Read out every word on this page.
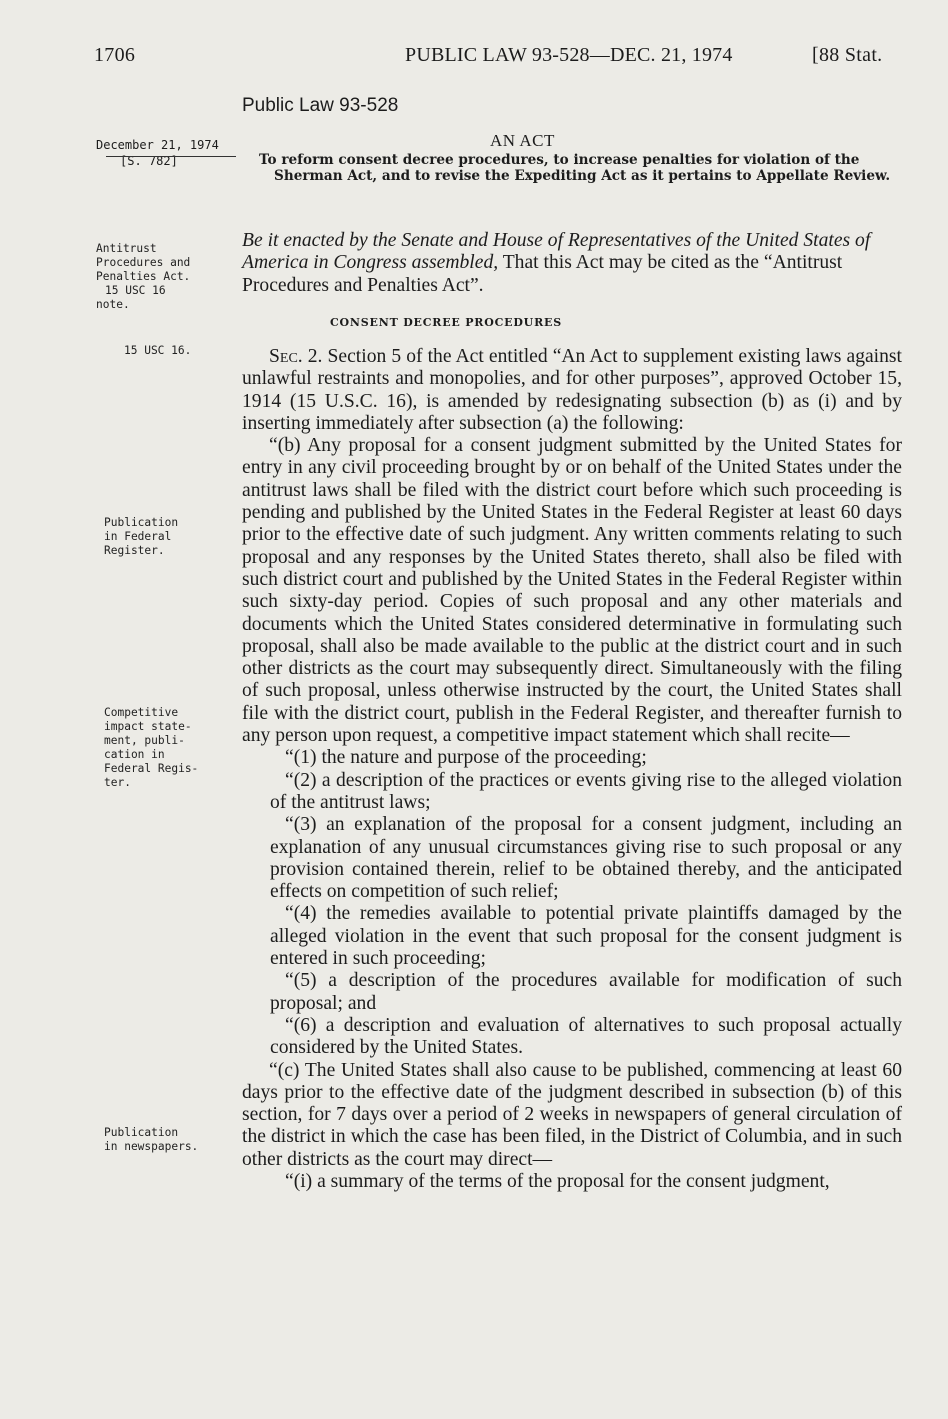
1706	PUBLIC LAW 93-528—DEC. 21, 1974	[88 Stat.
Public Law 93-528
AN ACT
December 21, 1974
[S. 782]	To reform consent decree procedures, to increase penalties for violation of the Sherman Act, and to revise the Expediting Act as it pertains to Appellate Review.
Antitrust
Procedures and
Penalties Act.
15 USC 16
note.
Be it enacted by the Senate and House of Representatives of the United States of America in Congress assembled, That this Act may be cited as the “Antitrust Procedures and Penalties Act”.
CONSENT DECREE PROCEDURES
15 USC 16.
Publication
in Federal
Register.
Competitive
impact state-
ment, publi-
cation in
Federal Regis-
ter.
Publication
in newspapers.

Sec. 2. Section 5 of the Act entitled “An Act to supplement existing laws against unlawful restraints and monopolies, and for other purposes”, approved October 15, 1914 (15 U.S.C. 16), is amended by redesignating subsection (b) as (i) and by inserting immediately after subsection (a) the following:

“(b) Any proposal for a consent judgment submitted by the United States for entry in any civil proceeding brought by or on behalf of the United States under the antitrust laws shall be filed with the district court before which such proceeding is pending and published by the United States in the Federal Register at least 60 days prior to the effective date of such judgment. Any written comments relating to such proposal and any responses by the United States thereto, shall also be filed with such district court and published by the United States in the Federal Register within such sixty-day period. Copies of such proposal and any other materials and documents which the United States considered determinative in formulating such proposal, shall also be made available to the public at the district court and in such other districts as the court may subsequently direct. Simultaneously with the filing of such proposal, unless otherwise instructed by the court, the United States shall file with the district court, publish in the Federal Register, and thereafter furnish to any person upon request, a competitive impact statement which shall recite—

“(1) the nature and purpose of the proceeding;

“(2) a description of the practices or events giving rise to the alleged violation of the antitrust laws;

“(3) an explanation of the proposal for a consent judgment, including an explanation of any unusual circumstances giving rise to such proposal or any provision contained therein, relief to be obtained thereby, and the anticipated effects on competition of such relief;

“(4) the remedies available to potential private plaintiffs damaged by the alleged violation in the event that such proposal for the consent judgment is entered in such proceeding;

“(5) a description of the procedures available for modification of such proposal; and

“(6) a description and evaluation of alternatives to such proposal actually considered by the United States.

“(c) The United States shall also cause to be published, commencing at least 60 days prior to the effective date of the judgment described in subsection (b) of this section, for 7 days over a period of 2 weeks in newspapers of general circulation of the district in which the case has been filed, in the District of Columbia, and in such other districts as the court may direct—

“(i) a summary of the terms of the proposal for the consent judgment,
